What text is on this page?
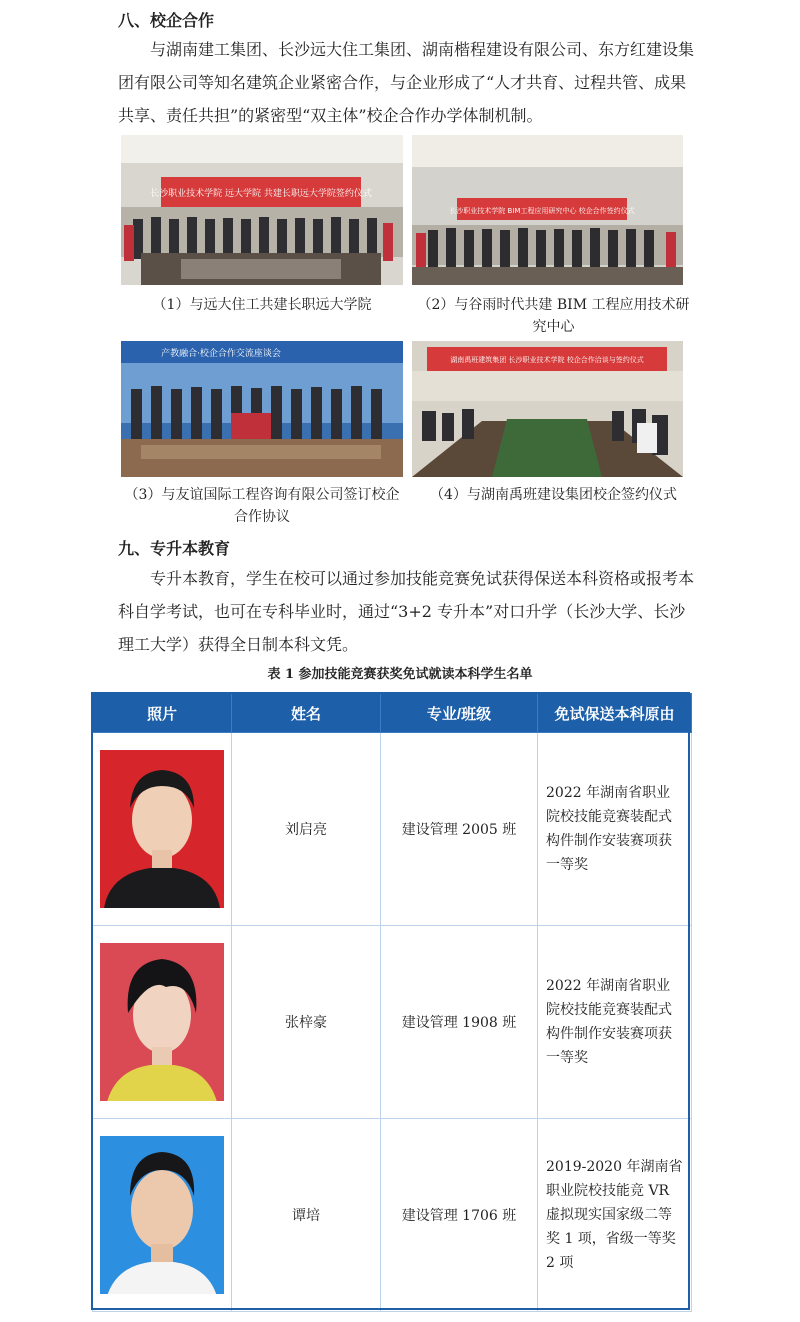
八、校企合作
与湖南建工集团、长沙远大住工集团、湖南楷程建设有限公司、东方红建设集团有限公司等知名建筑企业紧密合作，与企业形成了“人才共育、过程共管、成果共享、责任共担”的紧密型“双主体”校企合作办学体制机制。
长沙职业技术学院 远大学院 共建长职远大学院签约仪式
（1）与远大住工共建长职远大学院
长沙职业技术学院 BIM工程应用研究中心 校企合作签约仪式
（2）与谷雨时代共建 BIM 工程应用技术研究中心
产教融合·校企合作交流座谈会
（3）与友谊国际工程咨询有限公司签订校企合作协议
湖南禹班建筑集团 长沙职业技术学院 校企合作洽谈与签约仪式
（4）与湖南禹班建设集团校企签约仪式
九、专升本教育
专升本教育，学生在校可以通过参加技能竞赛免试获得保送本科资格或报考本科自学考试，也可在专科毕业时，通过“3+2 专升本”对口升学（长沙大学、长沙理工大学）获得全日制本科文凭。
表 1 参加技能竞赛获奖免试就读本科学生名单
照片	姓名	专业/班级	免试保送本科原由

	刘启亮	建设管理 2005 班	2022 年湖南省职业院校技能竞赛装配式构件制作安装赛项获一等奖

	张梓豪	建设管理 1908 班	2022 年湖南省职业院校技能竞赛装配式构件制作安装赛项获一等奖

	谭培	建设管理 1706 班	2019-2020 年湖南省职业院校技能竞 VR 虚拟现实国家级二等奖 1 项，省级一等奖 2 项
